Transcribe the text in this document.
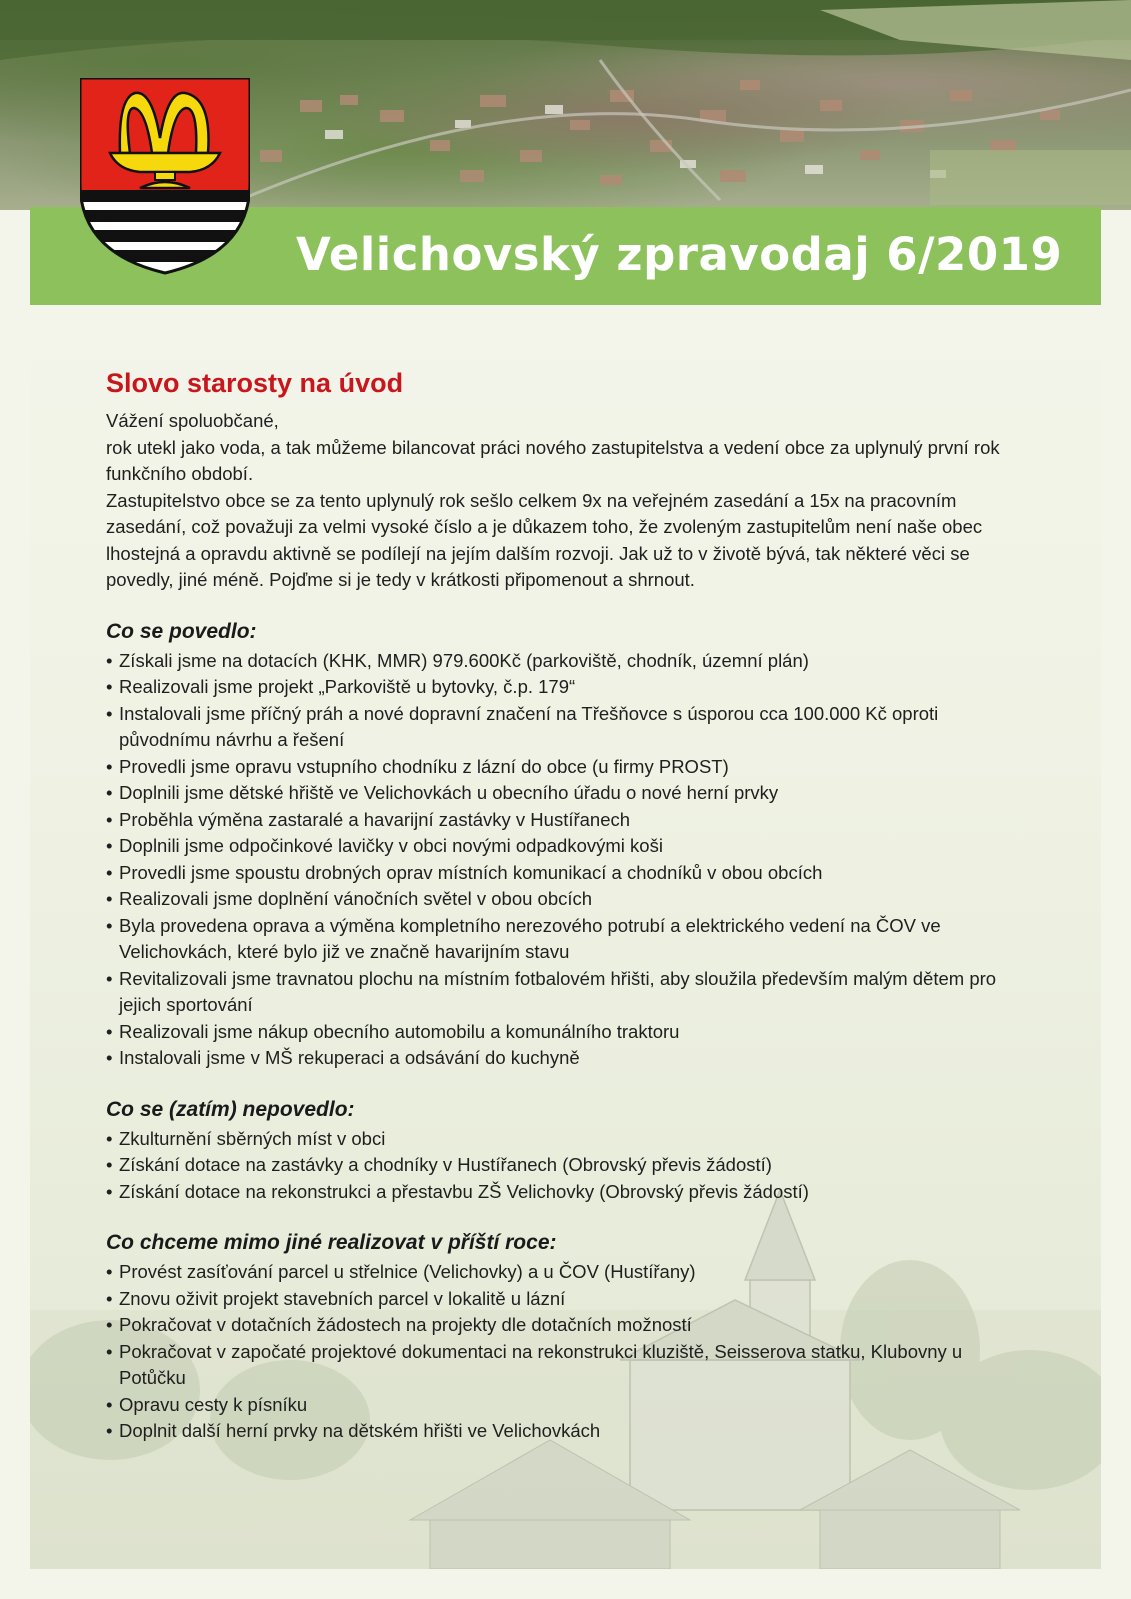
Velichovský zpravodaj 6/2019
Slovo starosty na úvod

Vážení spoluobčané,

rok utekl jako voda, a tak můžeme bilancovat práci nového zastupitelstva a vedení obce za uplynulý první rok funkčního období.

Zastupitelstvo obce se za tento uplynulý rok sešlo celkem 9x na veřejném zasedání a 15x na pracovním zasedání, což považuji za velmi vysoké číslo a je důkazem toho, že zvoleným zastupitelům není naše obec lhostejná a opravdu aktivně se podílejí na jejím dalším rozvoji. Jak už to v životě bývá, tak některé věci se povedly, jiné méně. Pojďme si je tedy v krátkosti připomenout a shrnout.

Co se povedlo:
• Získali jsme na dotacích (KHK, MMR) 979.600Kč (parkoviště, chodník, územní plán)
• Realizovali jsme projekt „Parkoviště u bytovky, č.p. 179“
• Instalovali jsme příčný práh a nové dopravní značení na Třešňovce s úsporou cca 100.000 Kč oproti původnímu návrhu a řešení
• Provedli jsme opravu vstupního chodníku z lázní do obce (u firmy PROST)
• Doplnili jsme dětské hřiště ve Velichovkách u obecního úřadu o nové herní prvky
• Proběhla výměna zastaralé a havarijní zastávky v Hustířanech
• Doplnili jsme odpočinkové lavičky v obci novými odpadkovými koši
• Provedli jsme spoustu drobných oprav místních komunikací a chodníků v obou obcích
• Realizovali jsme doplnění vánočních světel v obou obcích
• Byla provedena oprava a výměna kompletního nerezového potrubí a elektrického vedení na ČOV ve Velichovkách, které bylo již ve značně havarijním stavu
• Revitalizovali jsme travnatou plochu na místním fotbalovém hřišti, aby sloužila především malým dětem pro jejich sportování
• Realizovali jsme nákup obecního automobilu a komunálního traktoru
• Instalovali jsme v MŠ rekuperaci a odsávání do kuchyně
Co se (zatím) nepovedlo:
• Zkulturnění sběrných míst v obci
• Získání dotace na zastávky a chodníky v Hustířanech (Obrovský převis žádostí)
• Získání dotace na rekonstrukci a přestavbu ZŠ Velichovky (Obrovský převis žádostí)
Co chceme mimo jiné realizovat v příští roce:
• Provést zasíťování parcel u střelnice (Velichovky) a u ČOV (Hustířany)
• Znovu oživit projekt stavebních parcel v lokalitě u lázní
• Pokračovat v dotačních žádostech na projekty dle dotačních možností
• Pokračovat v započaté projektové dokumentaci na rekonstrukci kluziště, Seisserova statku, Klubovny u Potůčku
• Opravu cesty k písníku
• Doplnit další herní prvky na dětském hřišti ve Velichovkách
